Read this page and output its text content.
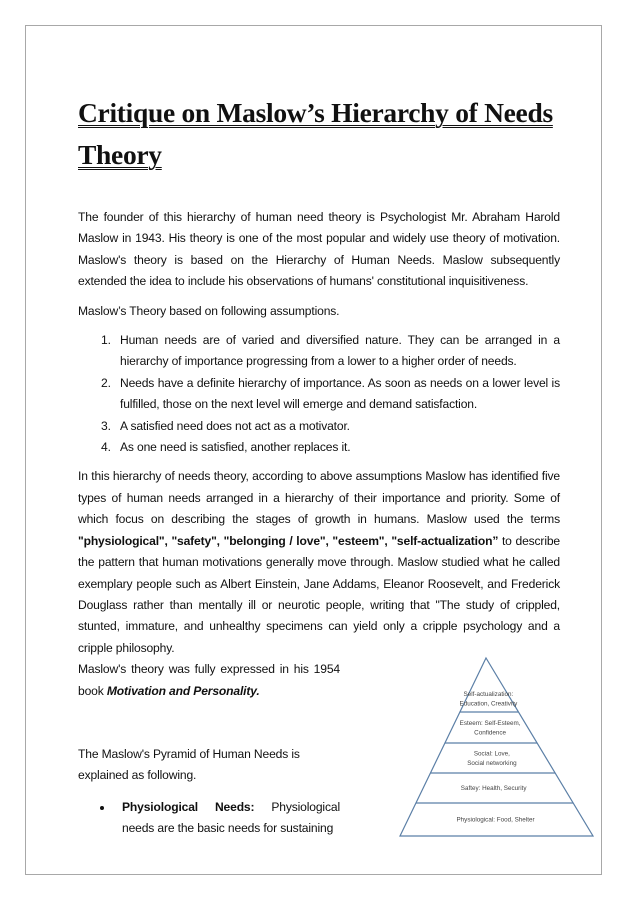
Critique on Maslow’s Hierarchy of Needs Theory

The founder of this hierarchy of human need theory is Psychologist Mr. Abraham Harold Maslow in 1943. His theory is one of the most popular and widely use theory of motivation. Maslow's theory is based on the Hierarchy of Human Needs. Maslow subsequently extended the idea to include his observations of humans' constitutional inquisitiveness.

Maslow’s Theory based on following assumptions.

1. Human needs are of varied and diversified nature. They can be arranged in a hierarchy of importance progressing from a lower to a higher order of needs.
2. Needs have a definite hierarchy of importance. As soon as needs on a lower level is fulfilled, those on the next level will emerge and demand satisfaction.
3. A satisfied need does not act as a motivator.
4. As one need is satisfied, another replaces it.

In this hierarchy of needs theory, according to above assumptions Maslow has identified five types of human needs arranged in a hierarchy of their importance and priority. Some of which focus on describing the stages of growth in humans. Maslow used the terms "physiological", "safety", "belonging / love", "esteem", "self-actualization” to describe the pattern that human motivations generally move through. Maslow studied what he called exemplary people such as Albert Einstein, Jane Addams, Eleanor Roosevelt, and Frederick Douglass rather than mentally ill or neurotic people, writing that "The study of crippled, stunted, immature, and unhealthy specimens can yield only a cripple psychology and a cripple philosophy.

Maslow's theory was fully expressed in his 1954 book Motivation and Personality.

The Maslow's Pyramid of Human Needs is explained as following.

• Physiological Needs: Physiological needs are the basic needs for sustaining
Self-actualization:
Education, Creativity
Esteem: Self-Esteem,
Confidence
Social: Love,
Social networking
Saftey: Health, Security
Physiological: Food, Shelter
